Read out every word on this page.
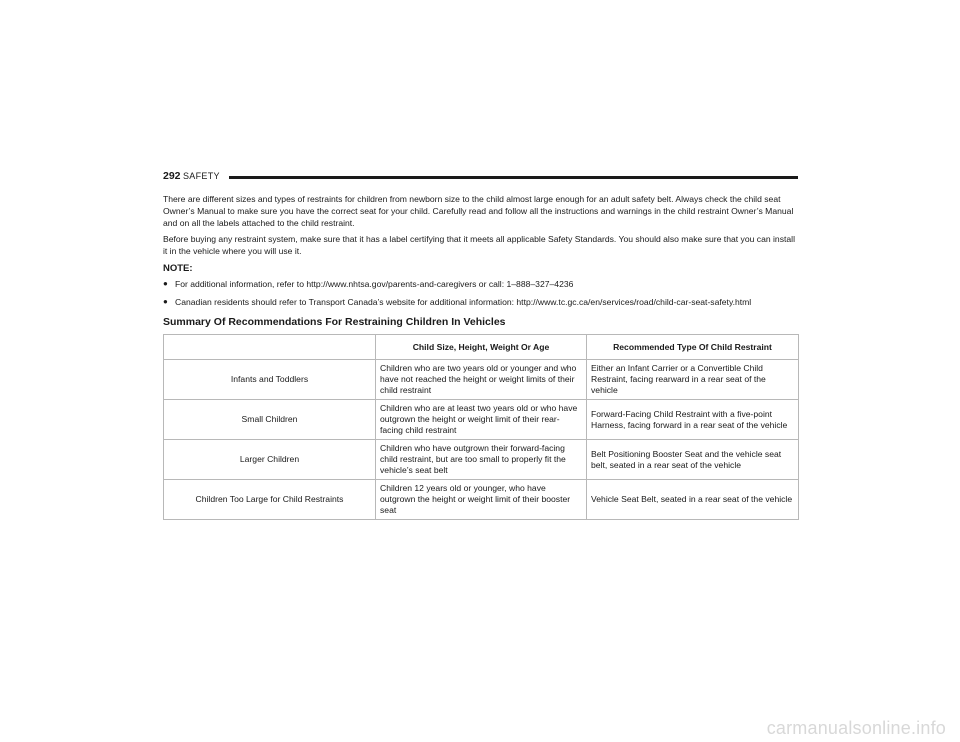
292 SAFETY

There are different sizes and types of restraints for children from newborn size to the child almost large enough for an adult safety belt. Always check the child seat Owner’s Manual to make sure you have the correct seat for your child. Carefully read and follow all the instructions and warnings in the child restraint Owner’s Manual and on all the labels attached to the child restraint.

Before buying any restraint system, make sure that it has a label certifying that it meets all applicable Safety Standards. You should also make sure that you can install it in the vehicle where you will use it.

NOTE:
● For additional information, refer to http://www.nhtsa.gov/parents-and-caregivers or call: 1–888–327–4236
● Canadian residents should refer to Transport Canada’s website for additional information: http://www.tc.gc.ca/en/services/road/child-car-seat-safety.html
Summary Of Recommendations For Restraining Children In Vehicles
	Child Size, Height, Weight Or Age	Recommended Type Of Child Restraint
Infants and Toddlers	Children who are two years old or younger and who have not reached the height or weight limits of their child restraint	Either an Infant Carrier or a Convertible Child Restraint, facing rearward in a rear seat of the vehicle
Small Children	Children who are at least two years old or who have outgrown the height or weight limit of their rear-facing child restraint	Forward-Facing Child Restraint with a five-point Harness, facing forward in a rear seat of the vehicle
Larger Children	Children who have outgrown their forward-facing child restraint, but are too small to properly fit the vehicle’s seat belt	Belt Positioning Booster Seat and the vehicle seat belt, seated in a rear seat of the vehicle
Children Too Large for Child Restraints	Children 12 years old or younger, who have outgrown the height or weight limit of their booster seat	Vehicle Seat Belt, seated in a rear seat of the vehicle
carmanualsonline.info
